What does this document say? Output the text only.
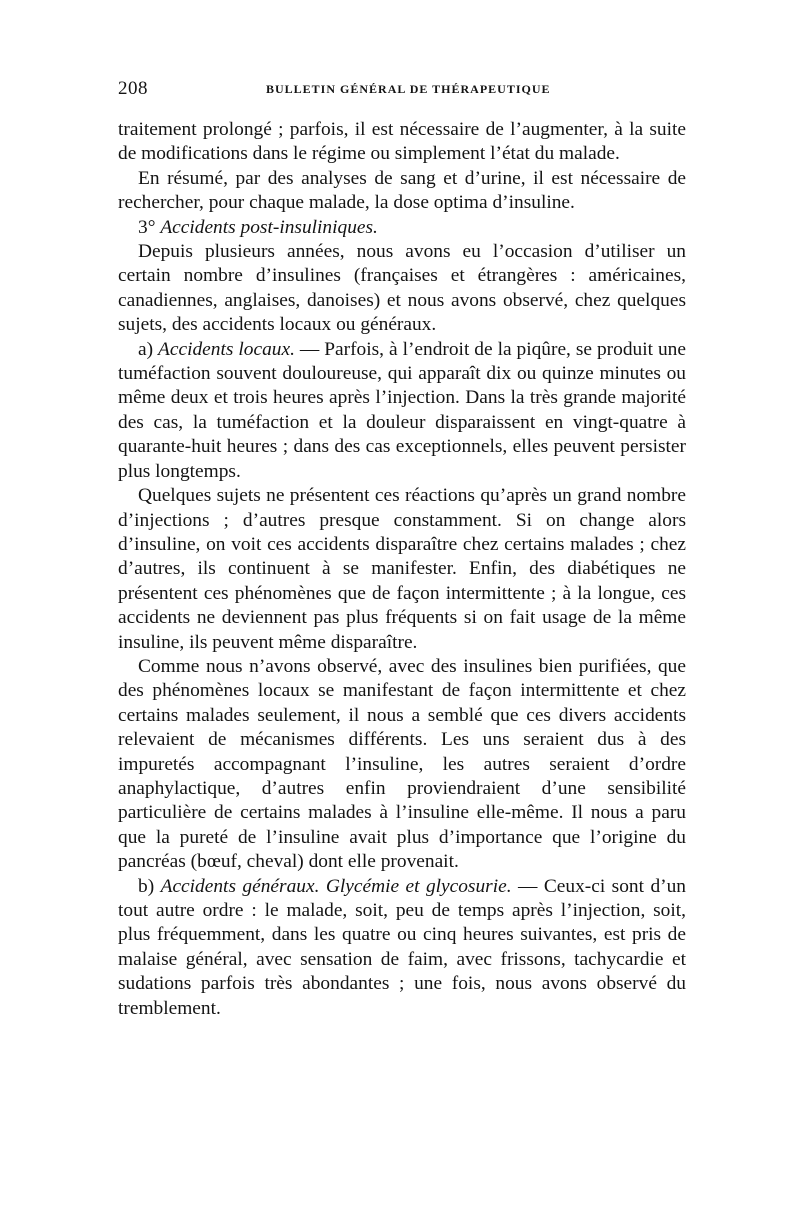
208	BULLETIN GÉNÉRAL DE THÉRAPEUTIQUE

traitement prolongé ; parfois, il est nécessaire de l’augmenter, à la suite de modifications dans le régime ou simplement l’état du malade.

En résumé, par des analyses de sang et d’urine, il est nécessaire de rechercher, pour chaque malade, la dose optima d’insuline.

3° Accidents post-insuliniques.

Depuis plusieurs années, nous avons eu l’occasion d’utiliser un certain nombre d’insulines (françaises et étrangères : américaines, canadiennes, anglaises, danoises) et nous avons observé, chez quelques sujets, des accidents locaux ou généraux.

a) Accidents locaux. — Parfois, à l’endroit de la piqûre, se produit une tuméfaction souvent douloureuse, qui apparaît dix ou quinze minutes ou même deux et trois heures après l’injection. Dans la très grande majorité des cas, la tuméfaction et la douleur disparaissent en vingt-quatre à quarante-huit heures ; dans des cas exceptionnels, elles peuvent persister plus longtemps.

Quelques sujets ne présentent ces réactions qu’après un grand nombre d’injections ; d’autres presque constamment. Si on change alors d’insuline, on voit ces accidents disparaître chez certains malades ; chez d’autres, ils continuent à se manifester. Enfin, des diabétiques ne présentent ces phénomènes que de façon intermittente ; à la longue, ces accidents ne deviennent pas plus fréquents si on fait usage de la même insuline, ils peuvent même disparaître.

Comme nous n’avons observé, avec des insulines bien purifiées, que des phénomènes locaux se manifestant de façon intermittente et chez certains malades seulement, il nous a semblé que ces divers accidents relevaient de mécanismes différents. Les uns seraient dus à des impuretés accompagnant l’insuline, les autres seraient d’ordre anaphylactique, d’autres enfin proviendraient d’une sensibilité particulière de certains malades à l’insuline elle-même. Il nous a paru que la pureté de l’insuline avait plus d’importance que l’origine du pancréas (bœuf, cheval) dont elle provenait.

b) Accidents généraux. Glycémie et glycosurie. — Ceux-ci sont d’un tout autre ordre : le malade, soit, peu de temps après l’injection, soit, plus fréquemment, dans les quatre ou cinq heures suivantes, est pris de malaise général, avec sensation de faim, avec frissons, tachycardie et sudations parfois très abondantes ; une fois, nous avons observé du tremblement.
